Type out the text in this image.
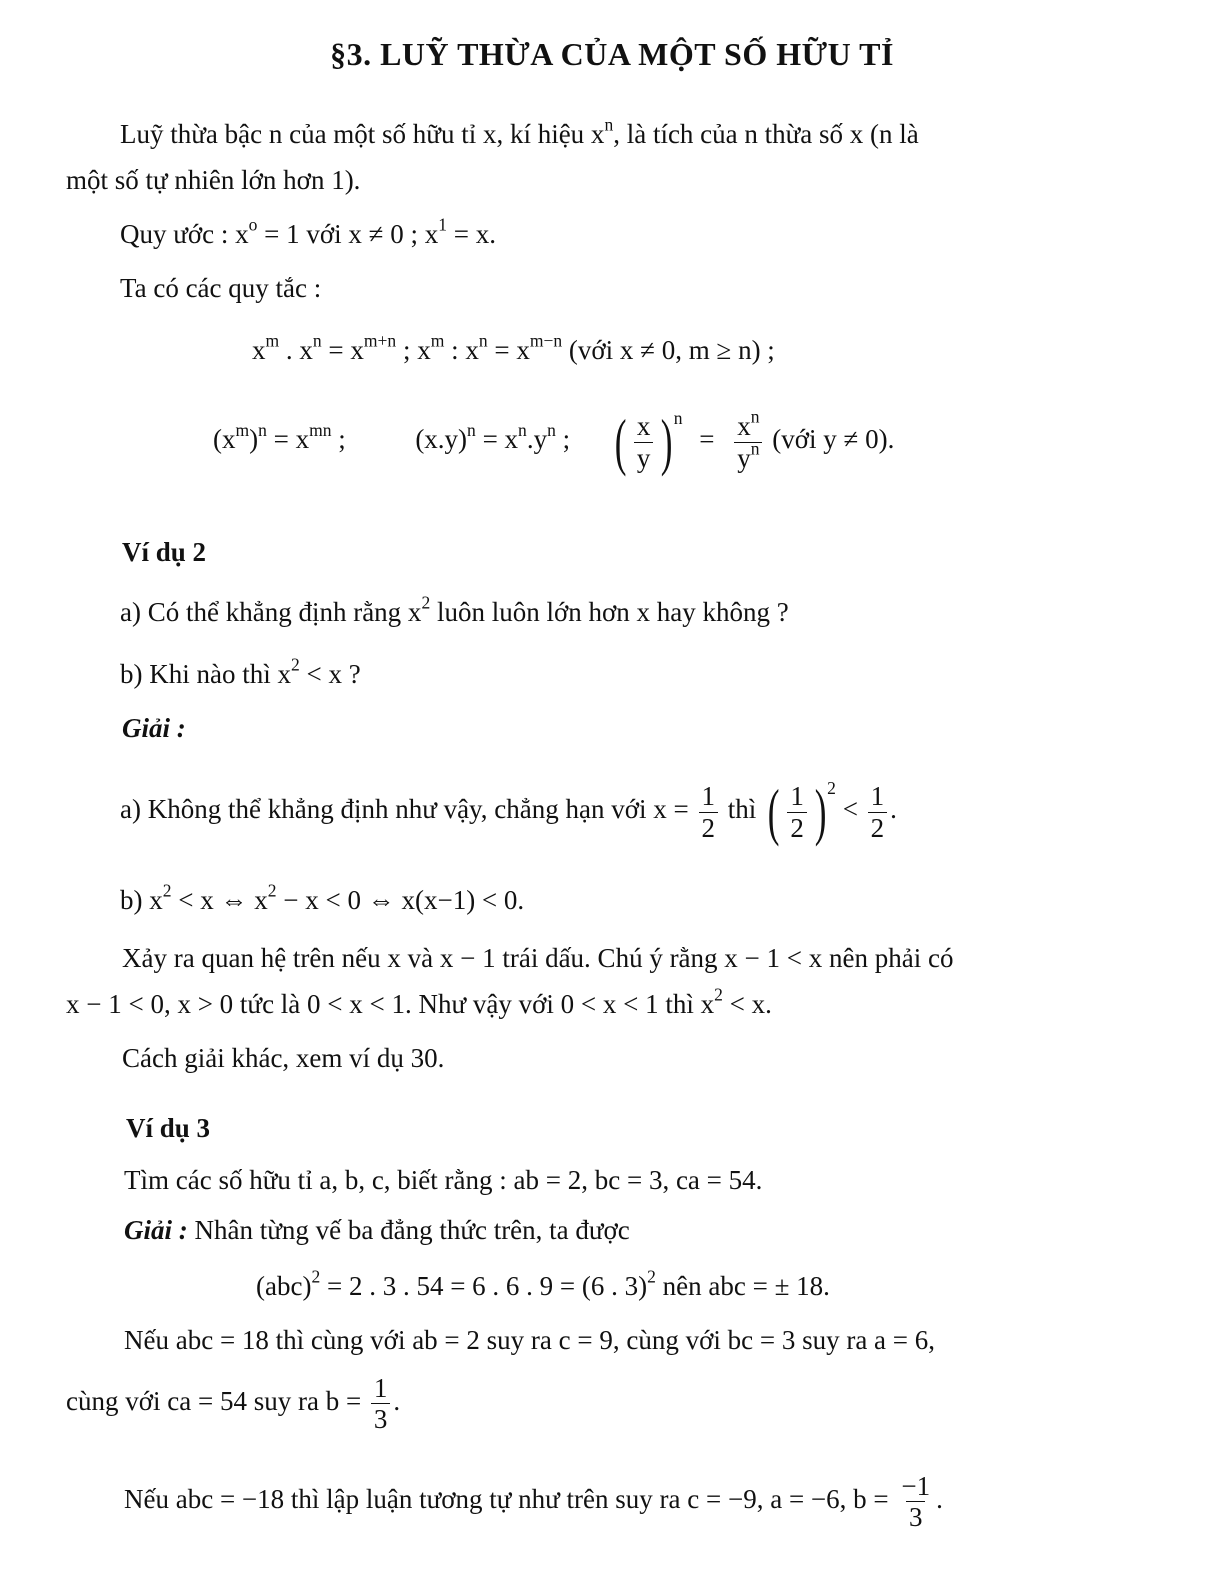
§3. LUỸ THỪA CỦA MỘT SỐ HỮU TỈ
Luỹ thừa bậc n của một số hữu tỉ x, kí hiệu $x^n$, là tích của n thừa số x (n là
một số tự nhiên lớn hơn 1).
Quy ước : $x^o = 1$ với x ≠ 0 ; $x^1 = x$.
Ta có các quy tắc :
$x^m$ . $x^n = x^{m+n}$ ; $x^m$ : $x^n = x^{m-n}$ (với x ≠ 0, m ≥ n) ;
$(x^m)^n = x^{mn}$ ;	$(x.y)^n = x^n.y^n$ ; ( $\frac{x}{y}$ ) n
= $\frac{x^n}{y^n}$ (với y ≠ 0).
Ví dụ 2
a) Có thể khẳng định rằng $x^2$ luôn luôn lớn hơn x hay không ?
b) Khi nào thì $x^2 < x$ ?
Giải :
a) Không thể khẳng định như vậy, chẳng hạn với $x = \frac{1}{2}$ thì ( $\frac{1}{2}$ ) 2
< $\frac{1}{2}$ .
b) $x^2 < x$ ⇔ $x^2 - x < 0$ ⇔ x(x−1) < 0.
Xảy ra quan hệ trên nếu x và x − 1 trái dấu. Chú ý rằng x − 1 < x nên phải có
x − 1 < 0, x > 0 tức là 0 < x < 1. Như vậy với 0 < x < 1 thì $x^2 < x$.
Cách giải khác, xem ví dụ 30.
Ví dụ 3
Tìm các số hữu tỉ a, b, c, biết rằng : ab = 2, bc = 3, ca = 54.
Giải : Nhân từng vế ba đẳng thức trên, ta được
(abc)$^2$ = 2 . 3 . 54 = 6 . 6 . 9 = (6 . 3)$^2$ nên abc = ± 18.
Nếu abc = 18 thì cùng với ab = 2 suy ra c = 9, cùng với bc = 3 suy ra a = 6,
cùng với ca = 54 suy ra $b = \frac{1}{3}$ .
Nếu abc = −18 thì lập luận tương tự như trên suy ra c = −9, a = −6, $b = \frac{-1}{3}$ .
